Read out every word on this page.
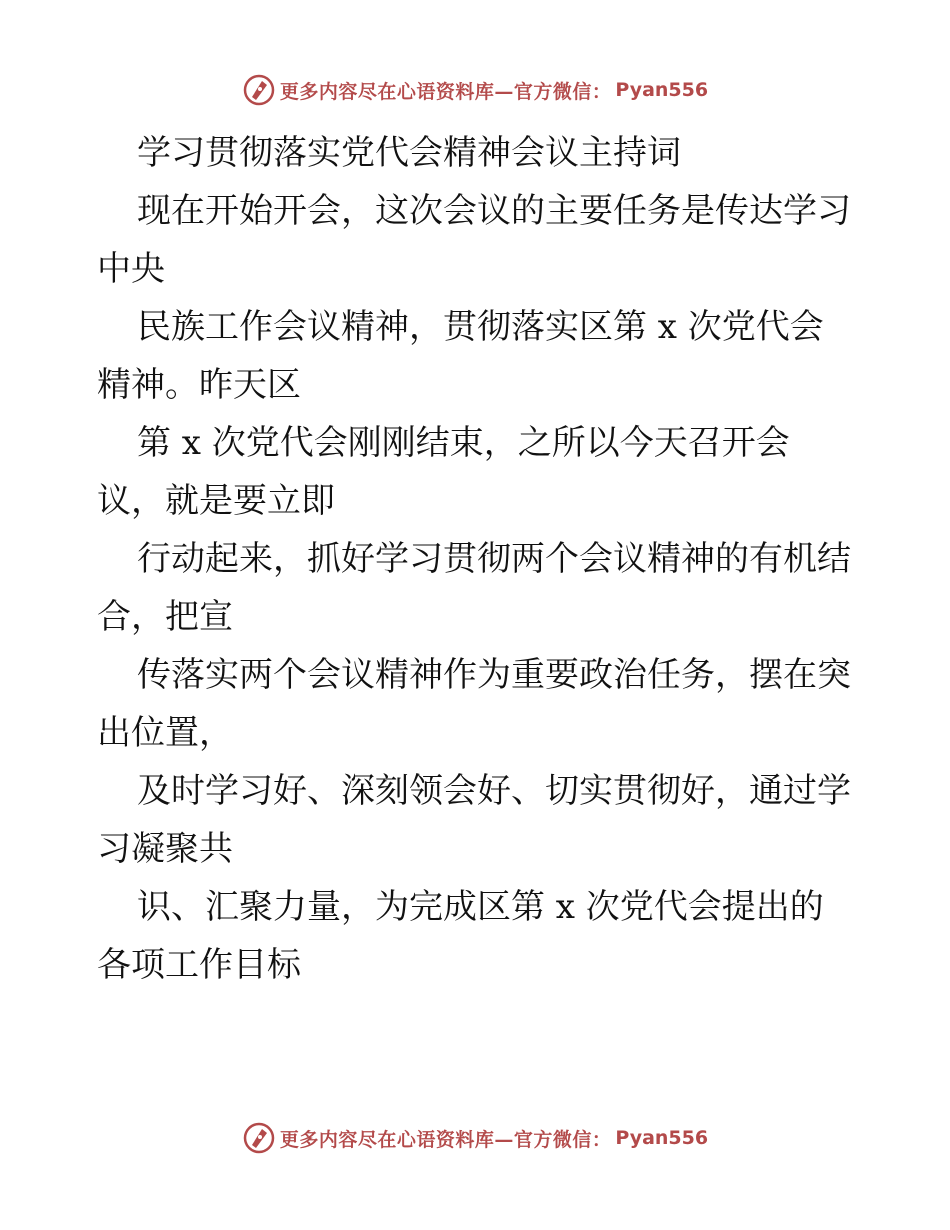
更多内容尽在心语资料库—官方微信： Pyan556
学习贯彻落实党代会精神会议主持词
现在开始开会，这次会议的主要任务是传达学习
中央
民族工作会议精神，贯彻落实区第 x 次党代会
精神。昨天区
第 x 次党代会刚刚结束，之所以今天召开会
议，就是要立即
行动起来，抓好学习贯彻两个会议精神的有机结
合，把宣
传落实两个会议精神作为重要政治任务，摆在突
出位置，
及时学习好、深刻领会好、切实贯彻好，通过学
习凝聚共
识、汇聚力量，为完成区第 x 次党代会提出的
各项工作目标
更多内容尽在心语资料库—官方微信： Pyan556
